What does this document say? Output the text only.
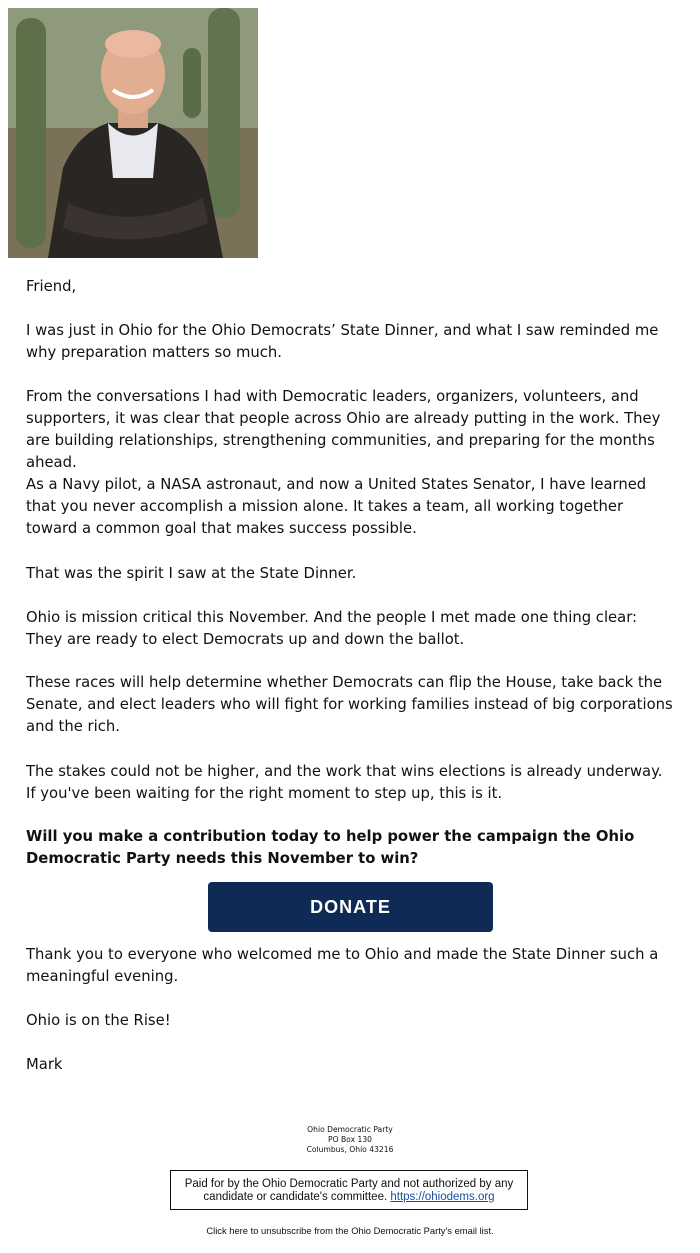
Friend,

I was just in Ohio for the Ohio Democrats’ State Dinner, and what I saw reminded me why preparation matters so much.

From the conversations I had with Democratic leaders, organizers, volunteers, and supporters, it was clear that people across Ohio are already putting in the work. They are building relationships, strengthening communities, and preparing for the months ahead.

As a Navy pilot, a NASA astronaut, and now a United States Senator, I have learned that you never accomplish a mission alone. It takes a team, all working together toward a common goal that makes success possible.

That was the spirit I saw at the State Dinner.

Ohio is mission critical this November. And the people I met made one thing clear: They are ready to elect Democrats up and down the ballot.

These races will help determine whether Democrats can flip the House, take back the Senate, and elect leaders who will fight for working families instead of big corporations and the rich.

The stakes could not be higher, and the work that wins elections is already underway. If you've been waiting for the right moment to step up, this is it.

Will you make a contribution today to help power the campaign the Ohio Democratic Party needs this November to win?

DONATE

Thank you to everyone who welcomed me to Ohio and made the State Dinner such a meaningful evening.

Ohio is on the Rise!

Mark

Ohio Democratic Party
PO Box 130
Columbus, Ohio 43216
Paid for by the Ohio Democratic Party and not authorized by any candidate or candidate's committee. https://ohiodems.org
Click here to unsubscribe from the Ohio Democratic Party's email list.
